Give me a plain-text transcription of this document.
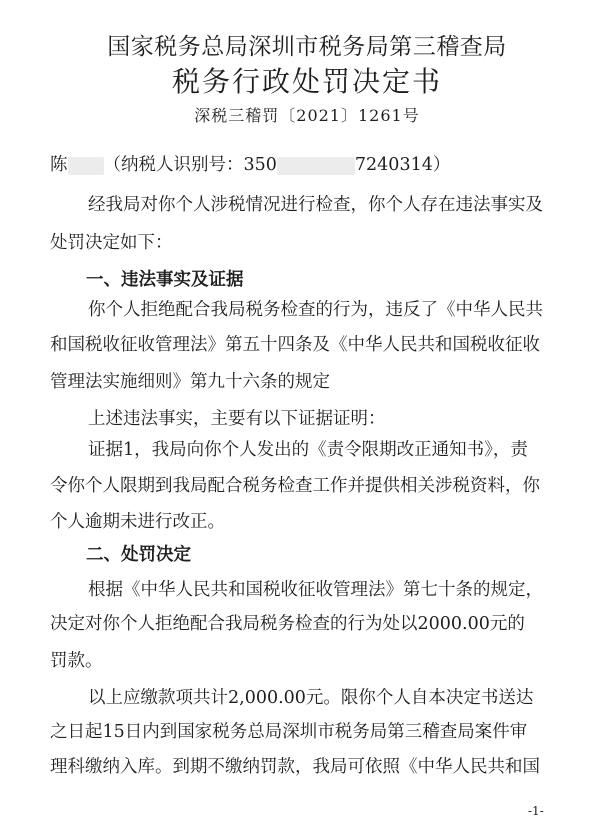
国家税务总局深圳市税务局第三稽查局
税务行政处罚决定书
深税三稽罚〔2021〕1261号
陈 （纳税人识别号：350	7240314）
经我局对你个人涉税情况进行检查，你个人存在违法事实及
处罚决定如下：
一、违法事实及证据
你个人拒绝配合我局税务检查的行为，违反了《中华人民共
和国税收征收管理法》第五十四条及《中华人民共和国税收征收
管理法实施细则》第九十六条的规定
上述违法事实，主要有以下证据证明：
证据1，我局向你个人发出的《责令限期改正通知书》，责
令你个人限期到我局配合税务检查工作并提供相关涉税资料，你
个人逾期未进行改正。
二、处罚决定
根据《中华人民共和国税收征收管理法》第七十条的规定，
决定对你个人拒绝配合我局税务检查的行为处以2000.00元的
罚款。
以上应缴款项共计2,000.00元。限你个人自本决定书送达
之日起15日内到国家税务总局深圳市税务局第三稽查局案件审
理科缴纳入库。到期不缴纳罚款，我局可依照《中华人民共和国
-1-
